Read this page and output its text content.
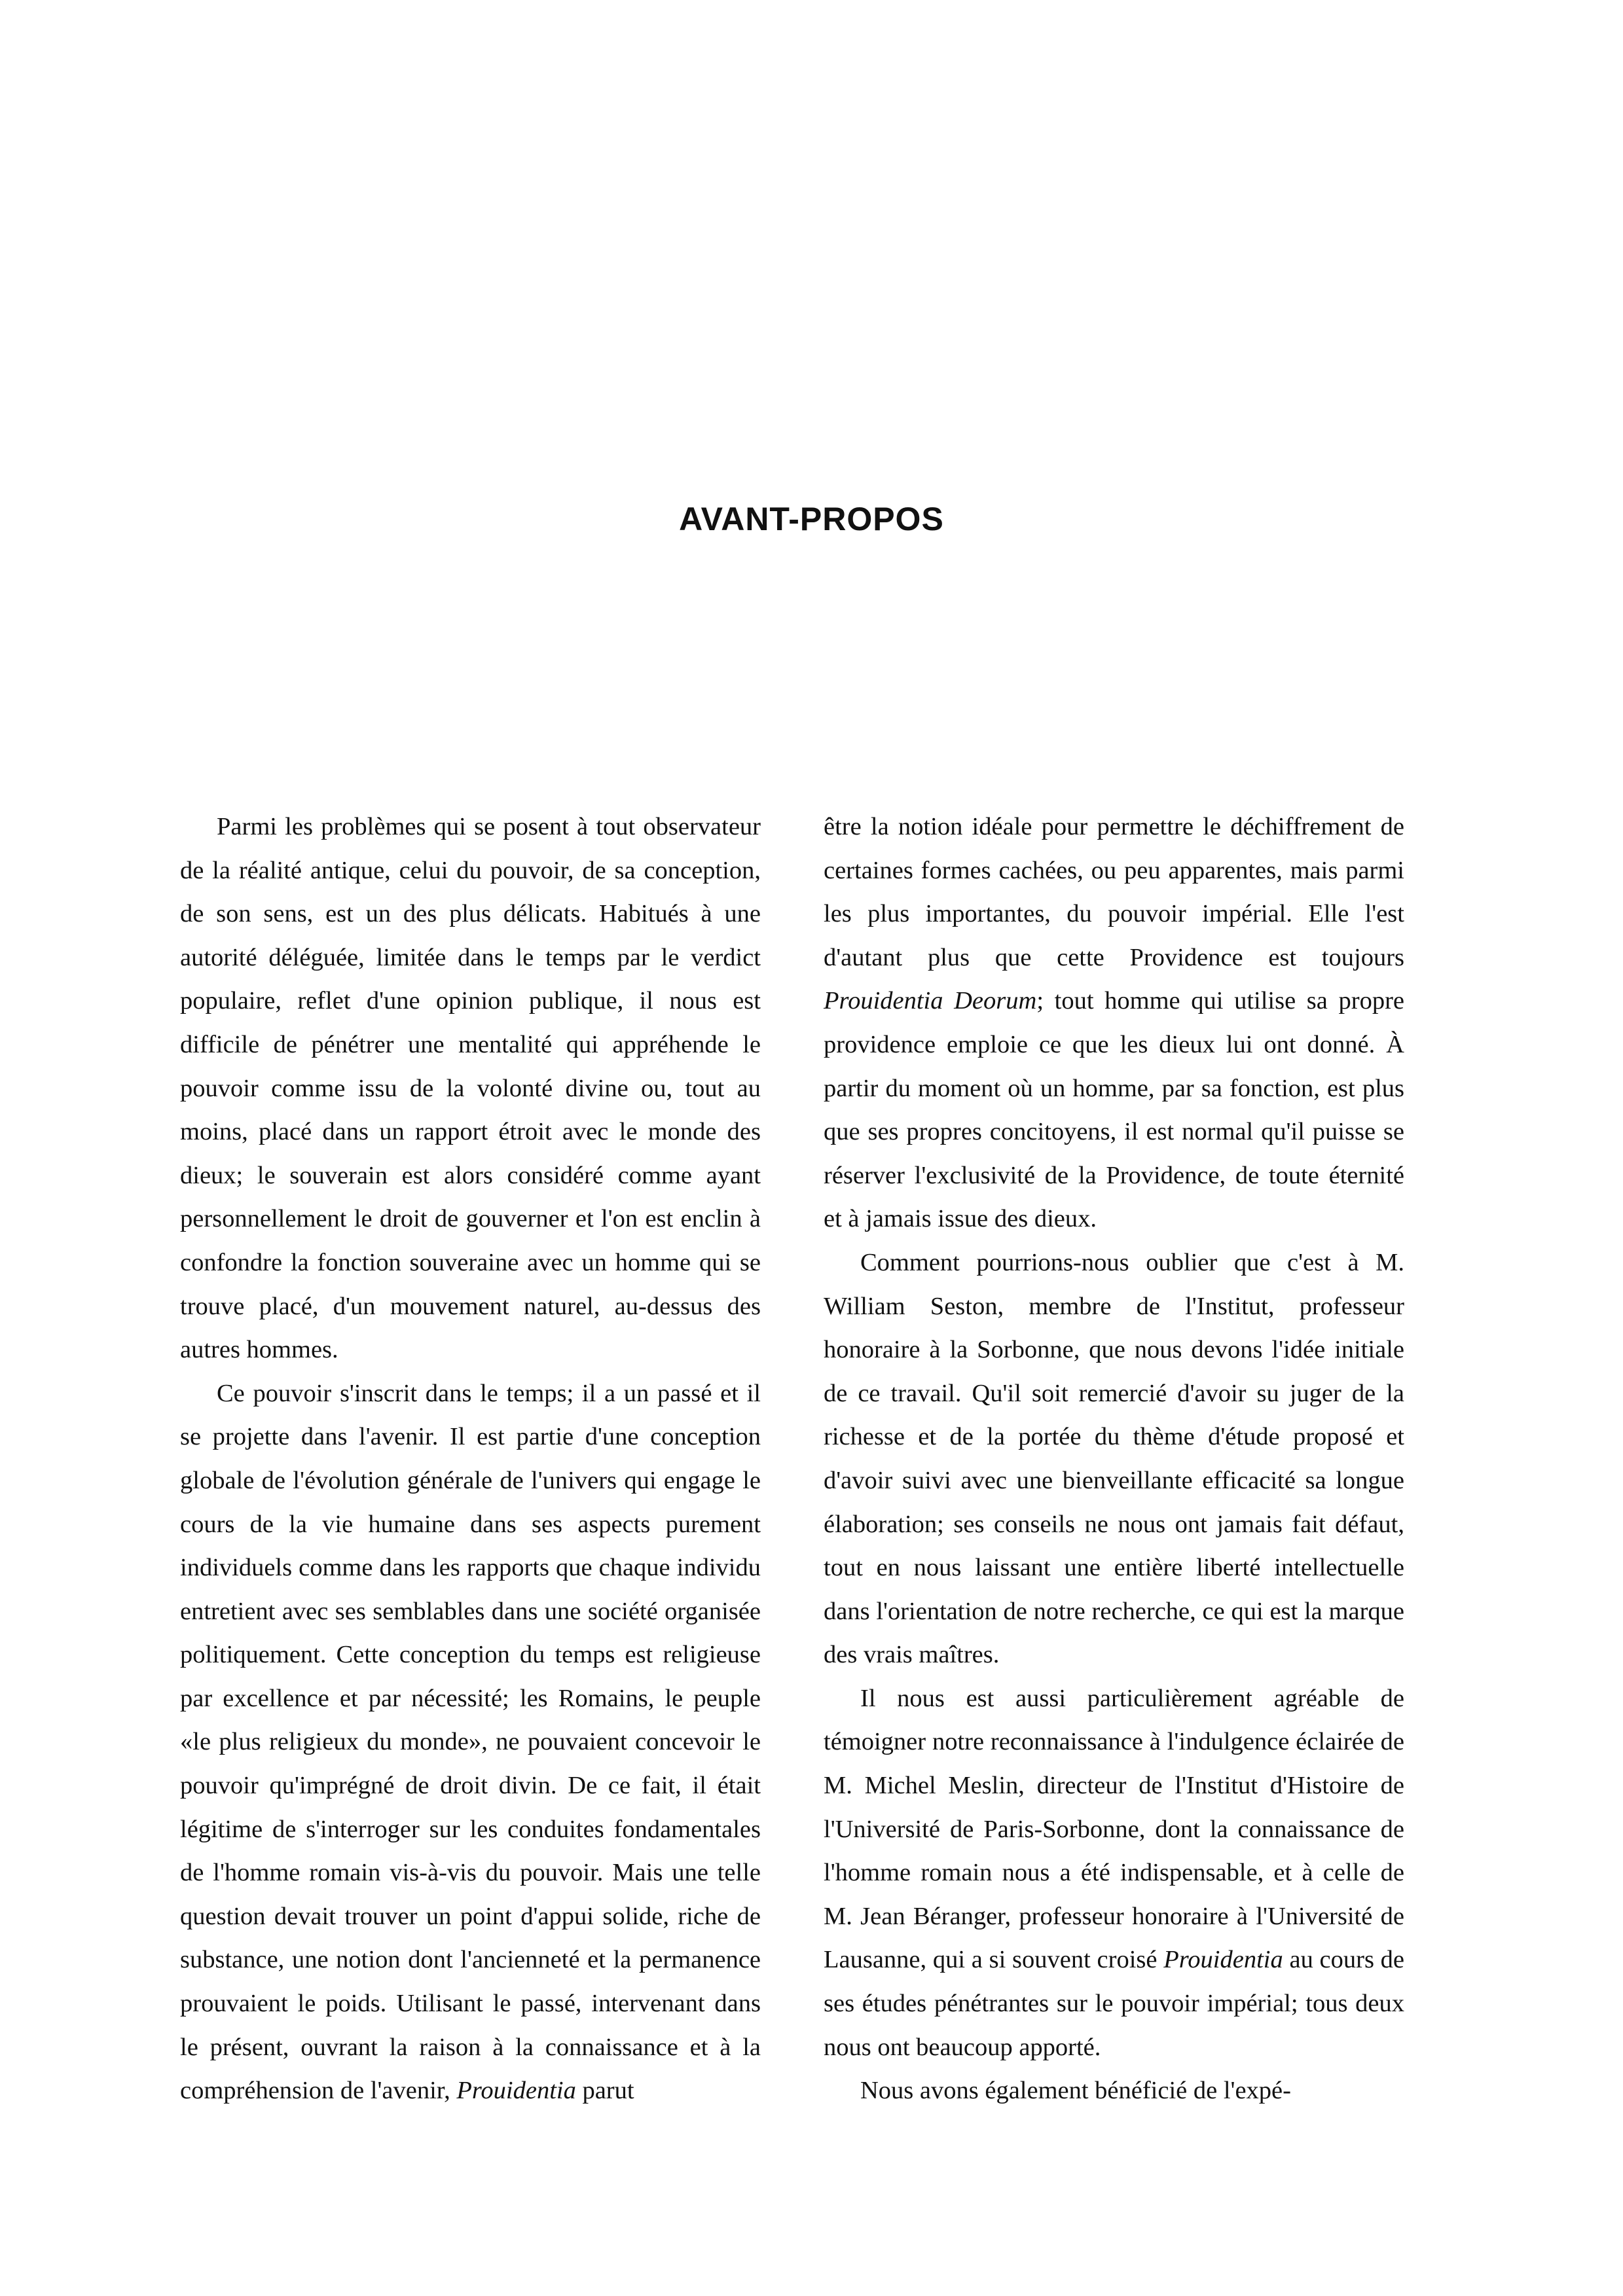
AVANT-PROPOS

Parmi les problèmes qui se posent à tout observateur de la réalité antique, celui du pouvoir, de sa conception, de son sens, est un des plus délicats. Habitués à une autorité déléguée, limitée dans le temps par le verdict populaire, reflet d'une opinion publique, il nous est difficile de pénétrer une mentalité qui appréhende le pouvoir comme issu de la volonté divine ou, tout au moins, placé dans un rapport étroit avec le monde des dieux; le souverain est alors considéré comme ayant personnellement le droit de gouverner et l'on est enclin à confondre la fonction souveraine avec un homme qui se trouve placé, d'un mouvement naturel, au-dessus des autres hommes.

Ce pouvoir s'inscrit dans le temps; il a un passé et il se projette dans l'avenir. Il est partie d'une conception globale de l'évolution générale de l'univers qui engage le cours de la vie humaine dans ses aspects purement individuels comme dans les rapports que chaque individu entretient avec ses semblables dans une société organisée politiquement. Cette conception du temps est religieuse par excellence et par nécessité; les Romains, le peuple «le plus religieux du monde», ne pouvaient concevoir le pouvoir qu'imprégné de droit divin. De ce fait, il était légitime de s'interroger sur les conduites fondamentales de l'homme romain vis-à-vis du pouvoir. Mais une telle question devait trouver un point d'appui solide, riche de substance, une notion dont l'ancienneté et la permanence prouvaient le poids. Utilisant le passé, intervenant dans le présent, ouvrant la raison à la connaissance et à la compréhension de l'avenir, Prouidentia parut

être la notion idéale pour permettre le déchiffrement de certaines formes cachées, ou peu apparentes, mais parmi les plus importantes, du pouvoir impérial. Elle l'est d'autant plus que cette Providence est toujours Prouidentia Deorum; tout homme qui utilise sa propre providence emploie ce que les dieux lui ont donné. À partir du moment où un homme, par sa fonction, est plus que ses propres concitoyens, il est normal qu'il puisse se réserver l'exclusivité de la Providence, de toute éternité et à jamais issue des dieux.

Comment pourrions-nous oublier que c'est à M. William Seston, membre de l'Institut, professeur honoraire à la Sorbonne, que nous devons l'idée initiale de ce travail. Qu'il soit remercié d'avoir su juger de la richesse et de la portée du thème d'étude proposé et d'avoir suivi avec une bienveillante efficacité sa longue élaboration; ses conseils ne nous ont jamais fait défaut, tout en nous laissant une entière liberté intellectuelle dans l'orientation de notre recherche, ce qui est la marque des vrais maîtres.

Il nous est aussi particulièrement agréable de témoigner notre reconnaissance à l'indulgence éclairée de M. Michel Meslin, directeur de l'Institut d'Histoire de l'Université de Paris-Sorbonne, dont la connaissance de l'homme romain nous a été indispensable, et à celle de M. Jean Béranger, professeur honoraire à l'Université de Lausanne, qui a si souvent croisé Prouidentia au cours de ses études pénétrantes sur le pouvoir impérial; tous deux nous ont beaucoup apporté.

Nous avons également bénéficié de l'expé-
